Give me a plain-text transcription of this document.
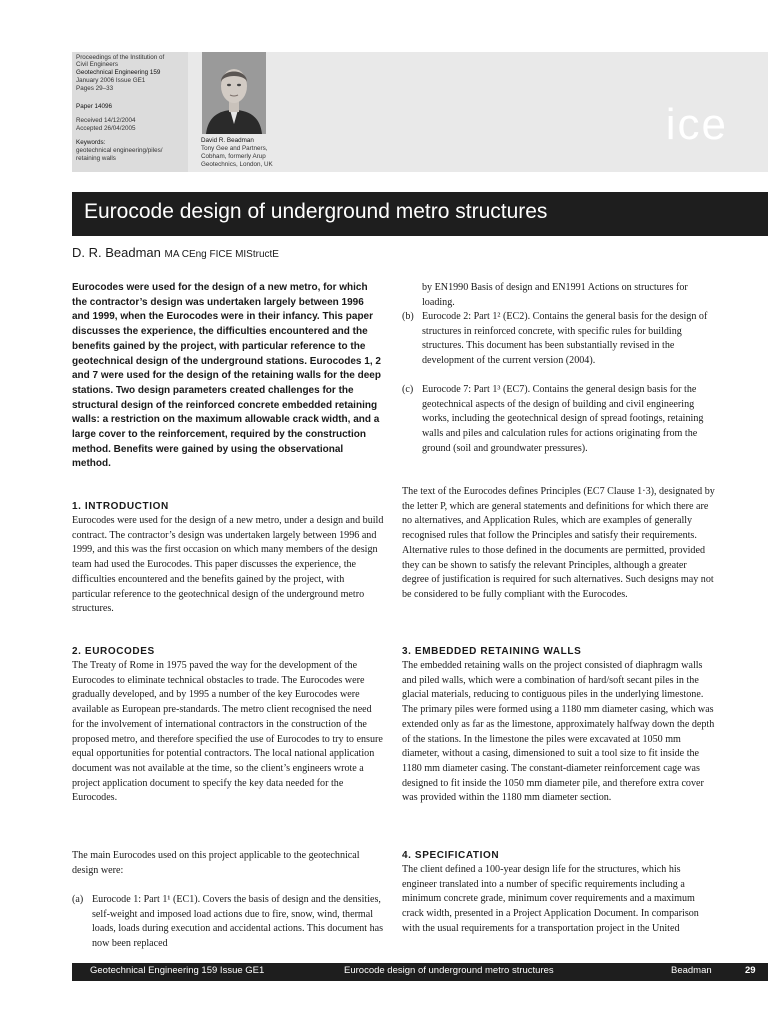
Proceedings of the Institution of
Civil Engineers
Geotechnical Engineering 159
January 2006 Issue GE1
Pages 29–33
Paper 14096
Received 14/12/2004
Accepted 26/04/2005
Keywords:
geotechnical engineering/piles/
retaining walls
David R. Beadman
Tony Gee and Partners,
Cobham, formerly Arup
Geotechnics, London, UK
ice
Eurocode design of underground metro structures
D. R. Beadman MA CEng FICE MIStructE
Eurocodes were used for the design of a new metro, for which the contractor’s design was undertaken largely between 1996 and 1999, when the Eurocodes were in their infancy. This paper discusses the experience, the difficulties encountered and the benefits gained by the project, with particular reference to the geotechnical design of the underground stations. Eurocodes 1, 2 and 7 were used for the design of the retaining walls for the deep stations. Two design parameters created challenges for the structural design of the reinforced concrete embedded retaining walls: a restriction on the maximum allowable crack width, and a large cover to the reinforcement, required by the construction method. Benefits were gained by using the observational method.
1. INTRODUCTION
Eurocodes were used for the design of a new metro, under a design and build contract. The contractor’s design was undertaken largely between 1996 and 1999, and this was the first occasion on which many members of the design team had used the Eurocodes. This paper discusses the experience, the difficulties encountered and the benefits gained by the project, with particular reference to the geotechnical design of the underground metro structures.
2. EUROCODES
The Treaty of Rome in 1975 paved the way for the development of the Eurocodes to eliminate technical obstacles to trade. The Eurocodes were gradually developed, and by 1995 a number of the key Eurocodes were available as European pre-standards. The metro client recognised the need for the involvement of international contractors in the construction of the proposed metro, and therefore specified the use of Eurocodes to try to ensure equal opportunities for potential contractors. The local national application document was not available at the time, so the client’s engineers wrote a project application document to specify the key data needed for the Eurocodes.
The main Eurocodes used on this project applicable to the geotechnical design were:
(a) Eurocode 1: Part 1¹ (EC1). Covers the basis of design and the densities, self-weight and imposed load actions due to fire, snow, wind, thermal loads, loads during execution and accidental actions. This document has now been replaced
by EN1990 Basis of design and EN1991 Actions on structures for loading.
(b) Eurocode 2: Part 1² (EC2). Contains the general basis for the design of structures in reinforced concrete, with specific rules for building structures. This document has been substantially revised in the development of the current version (2004).
(c) Eurocode 7: Part 1³ (EC7). Contains the general design basis for the geotechnical aspects of the design of building and civil engineering works, including the geotechnical design of spread footings, retaining walls and piles and calculation rules for actions originating from the ground (soil and groundwater pressures).
The text of the Eurocodes defines Principles (EC7 Clause 1·3), designated by the letter P, which are general statements and definitions for which there are no alternatives, and Application Rules, which are examples of generally recognised rules that follow the Principles and satisfy their requirements. Alternative rules to those defined in the documents are permitted, provided they can be shown to satisfy the relevant Principles, although a greater degree of justification is required for such alternatives. Such designs may not be considered to be fully compliant with the Eurocodes.
3. EMBEDDED RETAINING WALLS
The embedded retaining walls on the project consisted of diaphragm walls and piled walls, which were a combination of hard/soft secant piles in the glacial materials, reducing to contiguous piles in the underlying limestone. The primary piles were formed using a 1180 mm diameter casing, which was extended only as far as the limestone, approximately halfway down the depth of the stations. In the limestone the piles were excavated at 1050 mm diameter, without a casing, dimensioned to suit a tool size to fit inside the 1180 mm diameter casing. The constant-diameter reinforcement cage was designed to fit inside the 1050 mm diameter pile, and therefore extra cover was provided within the 1180 mm diameter section.
4. SPECIFICATION
The client defined a 100-year design life for the structures, which his engineer translated into a number of specific requirements including a minimum concrete grade, minimum cover requirements and a maximum crack width, presented in a Project Application Document. In comparison with the usual requirements for a transportation project in the United
Geotechnical Engineering 159 Issue GE1	Eurocode design of underground metro structures	Beadman	29
